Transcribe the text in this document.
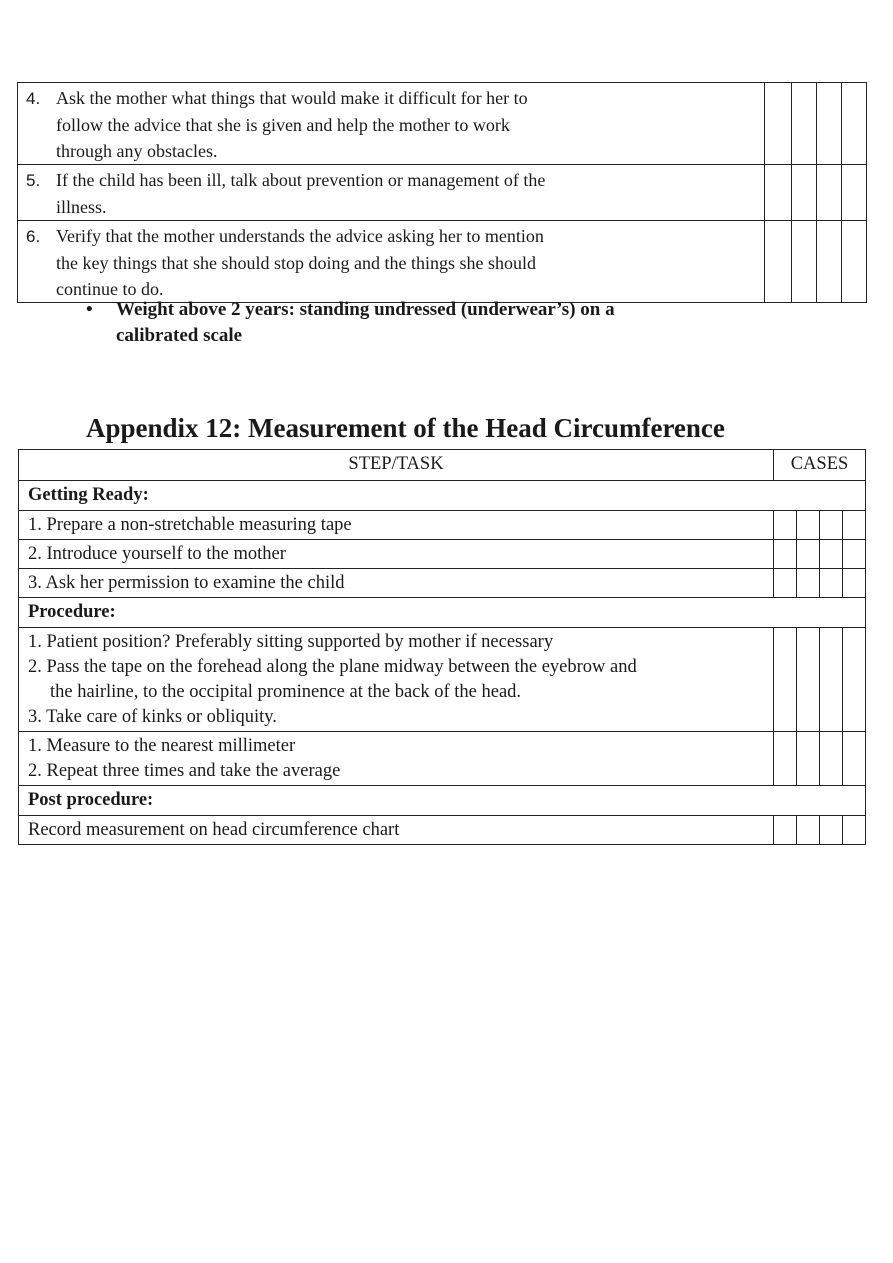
4. Ask the mother what things that would make it difficult for her to
follow the advice that she is given and help the mother to work
through any obstacles.				

5. If the child has been ill, talk about prevention or management of the
illness.				

6. Verify that the mother understands the advice asking her to mention
the key things that she should stop doing and the things she should
continue to do.				

• Weight above 2 years: standing undressed (underwear’s) on a
calibrated scale
Appendix 12: Measurement of the Head Circumference
STEP/TASK	CASES			
Getting Ready:				
1. Prepare a non-stretchable measuring tape				
2. Introduce yourself to the mother				
3. Ask her permission to examine the child				
Procedure:				

1. Patient position? Preferably sitting supported by mother if necessary
2. Pass the tape on the forehead along the plane midway between the eyebrow and
the hairline, to the occipital prominence at the back of the head.
3. Take care of kinks or obliquity.				

1. Measure to the nearest millimeter
2. Repeat three times and take the average				

Post procedure:				
Record measurement on head circumference chart				
